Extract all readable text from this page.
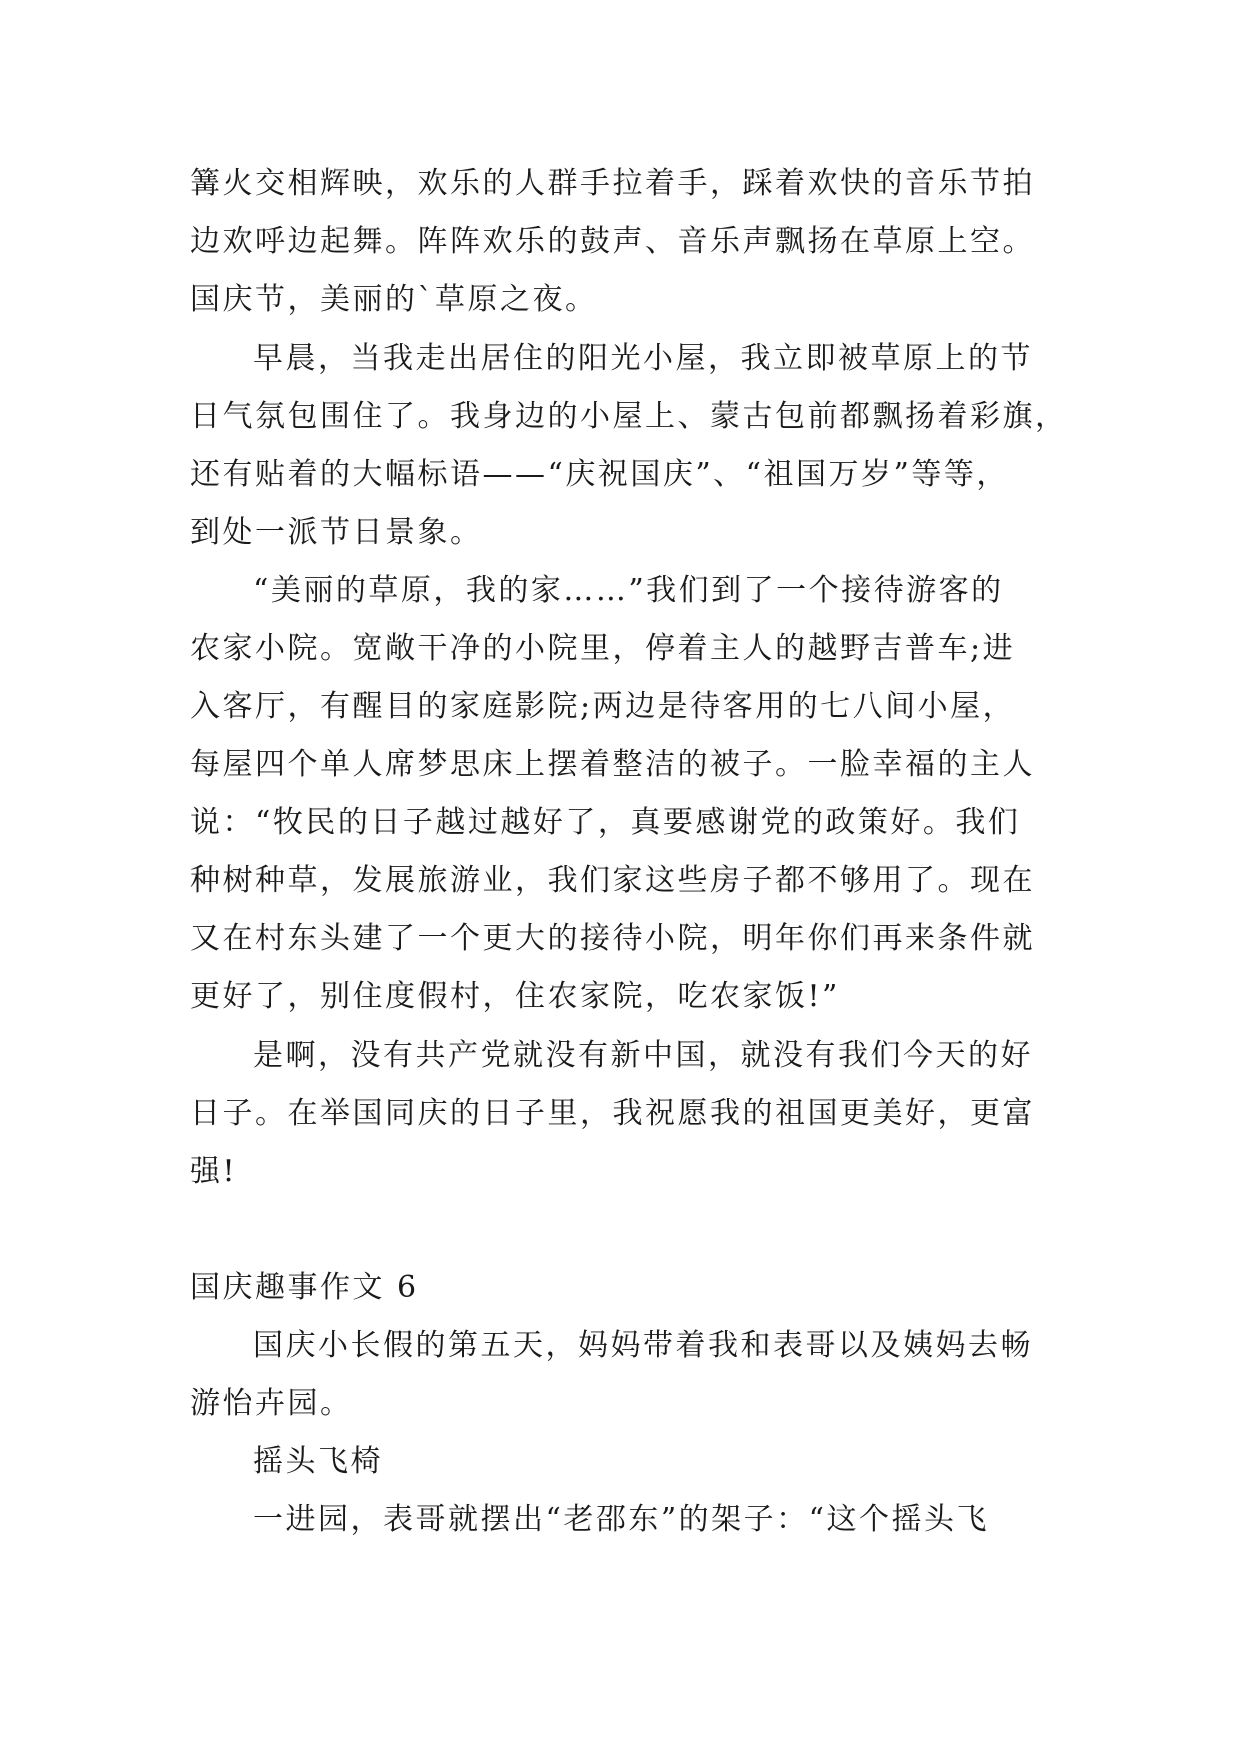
篝火交相辉映，欢乐的人群手拉着手，踩着欢快的音乐节拍
边欢呼边起舞。阵阵欢乐的鼓声、音乐声飘扬在草原上空。
国庆节，美丽的`草原之夜。
早晨，当我走出居住的阳光小屋，我立即被草原上的节
日气氛包围住了。我身边的小屋上、蒙古包前都飘扬着彩旗，
还有贴着的大幅标语——“庆祝国庆”、“祖国万岁”等等，
到处一派节日景象。
“美丽的草原，我的家……”我们到了一个接待游客的
农家小院。宽敞干净的小院里，停着主人的越野吉普车;进
入客厅，有醒目的家庭影院;两边是待客用的七八间小屋，
每屋四个单人席梦思床上摆着整洁的被子。一脸幸福的主人
说：“牧民的日子越过越好了，真要感谢党的政策好。我们
种树种草，发展旅游业，我们家这些房子都不够用了。现在
又在村东头建了一个更大的接待小院，明年你们再来条件就
更好了，别住度假村，住农家院，吃农家饭!”
是啊，没有共产党就没有新中国，就没有我们今天的好
日子。在举国同庆的日子里，我祝愿我的祖国更美好，更富
强!
国庆趣事作文 6
国庆小长假的第五天，妈妈带着我和表哥以及姨妈去畅
游怡卉园。
摇头飞椅
一进园，表哥就摆出“老邵东”的架子：“这个摇头飞
